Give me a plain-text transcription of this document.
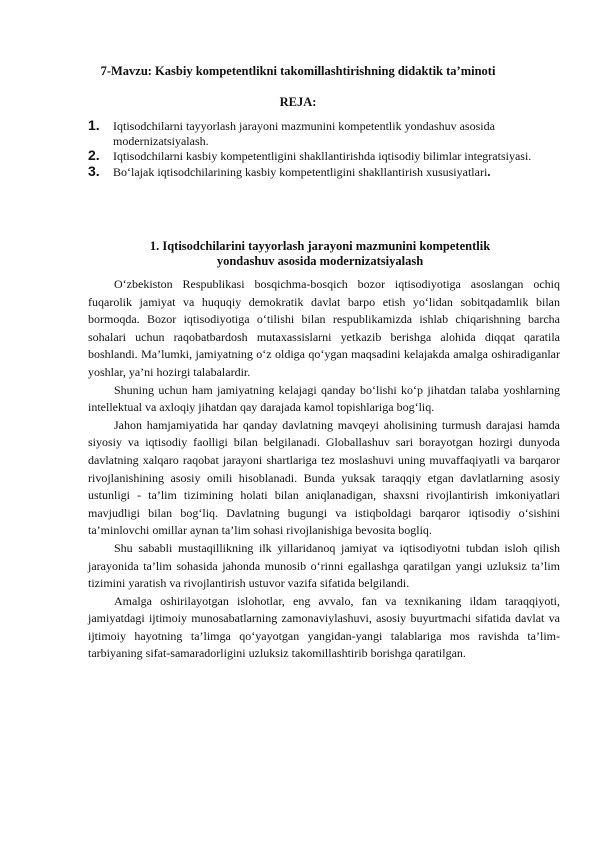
7-Mavzu: Kasbiy kompetentlikni takomillashtirishning didaktik ta’minoti
REJA:
1. Iqtisodchilarni tayyorlash jarayoni mazmunini kompetentlik yondashuv asosida modernizatsiyalash.
2. Iqtisodchilarni kasbiy kompetentligini shakllantirishda iqtisodiy bilimlar integratsiyasi.
3. Bo‘lajak iqtisodchilarining kasbiy kompetentligini shakllantirish xususiyatlari.
1. Iqtisodchilarini tayyorlash jarayoni mazmunini kompetentlik
yondashuv asosida modernizatsiyalash

O‘zbekiston Respublikasi bosqichma-bosqich bozor iqtisodiyotiga asoslangan ochiq fuqarolik jamiyat va huquqiy demokratik davlat barpo etish yo‘lidan sobitqadamlik bilan bormoqda. Bozor iqtisodiyotiga o‘tilishi bilan respublikamizda ishlab chiqarishning barcha sohalari uchun raqobatbardosh mutaxassislarni yetkazib berishga alohida diqqat qaratila boshlandi. Ma’lumki, jamiyatning o‘z oldiga qo‘ygan maqsadini kelajakda amalga oshiradiganlar yoshlar, ya’ni hozirgi talabalardir.

Shuning uchun ham jamiyatning kelajagi qanday bo‘lishi ko‘p jihatdan talaba yoshlarning intellektual va axloqiy jihatdan qay darajada kamol topishlariga bog‘liq.

Jahon hamjamiyatida har qanday davlatning mavqeyi aholisining turmush darajasi hamda siyosiy va iqtisodiy faolligi bilan belgilanadi. Globallashuv sari borayotgan hozirgi dunyoda davlatning xalqaro raqobat jarayoni shartlariga tez moslashuvi uning muvaffaqiyatli va barqaror rivojlanishining asosiy omili hisoblanadi. Bunda yuksak taraqqiy etgan davlatlarning asosiy ustunligi - ta’lim tizimining holati bilan aniqlanadigan, shaxsni rivojlantirish imkoniyatlari mavjudligi bilan bog‘liq. Davlatning bugungi va istiqboldagi barqaror iqtisodiy o‘sishini ta’minlovchi omillar aynan ta’lim sohasi rivojlanishiga bevosita bogliq.

Shu sababli mustaqillikning ilk yillaridanoq jamiyat va iqtisodiyotni tubdan isloh qilish jarayonida ta’lim sohasida jahonda munosib o‘rinni egallashga qaratilgan yangi uzluksiz ta’lim tizimini yaratish va rivojlantirish ustuvor vazifa sifatida belgilandi.

Amalga oshirilayotgan islohotlar, eng avvalo, fan va texnikaning ildam taraqqiyoti, jamiyatdagi ijtimoiy munosabatlarning zamonaviylashuvi, asosiy buyurtmachi sifatida davlat va ijtimoiy hayotning ta’limga qo‘yayotgan yangidan-yangi talablariga mos ravishda ta’lim- tarbiyaning sifat-samaradorligini uzluksiz takomillashtirib borishga qaratilgan.
